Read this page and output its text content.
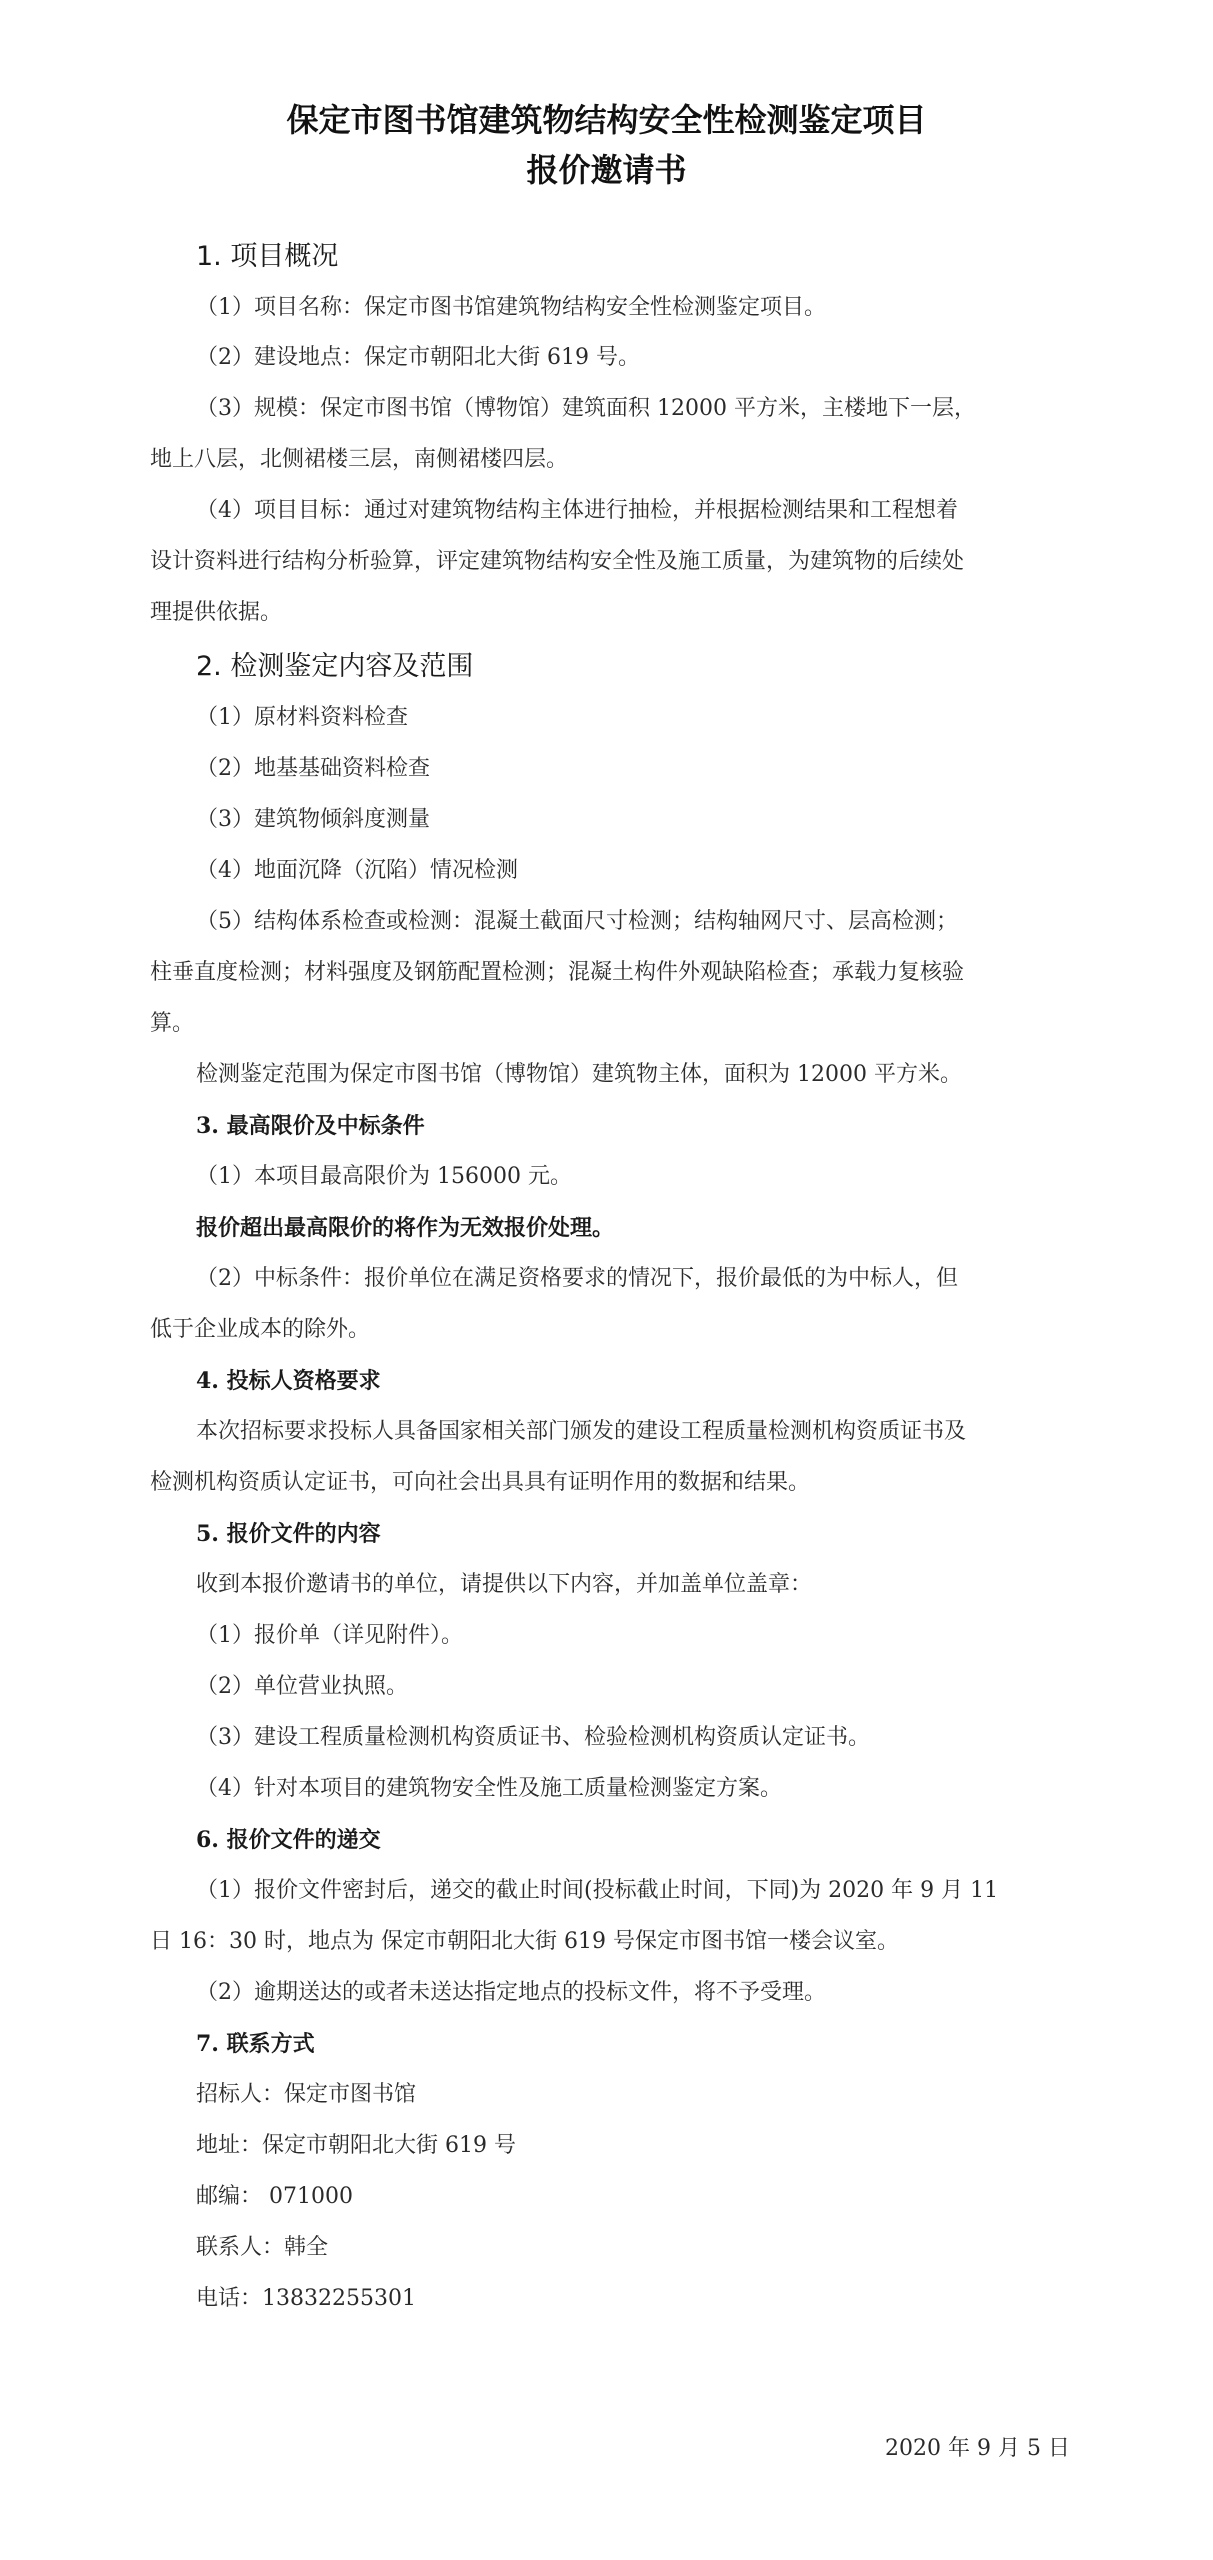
保定市图书馆建筑物结构安全性检测鉴定项目
报价邀请书
1. 项目概况
（1）项目名称：保定市图书馆建筑物结构安全性检测鉴定项目。
（2）建设地点：保定市朝阳北大街 619 号。
（3）规模：保定市图书馆（博物馆）建筑面积 12000 平方米，主楼地下一层，
地上八层，北侧裙楼三层，南侧裙楼四层。
（4）项目目标：通过对建筑物结构主体进行抽检，并根据检测结果和工程想着
设计资料进行结构分析验算，评定建筑物结构安全性及施工质量，为建筑物的后续处
理提供依据。
2. 检测鉴定内容及范围
（1）原材料资料检查
（2）地基基础资料检查
（3）建筑物倾斜度测量
（4）地面沉降（沉陷）情况检测
（5）结构体系检查或检测：混凝土截面尺寸检测；结构轴网尺寸、层高检测；
柱垂直度检测；材料强度及钢筋配置检测；混凝土构件外观缺陷检查；承载力复核验
算。
检测鉴定范围为保定市图书馆（博物馆）建筑物主体，面积为 12000 平方米。
3. 最高限价及中标条件
（1）本项目最高限价为 156000 元。
报价超出最高限价的将作为无效报价处理。
（2）中标条件：报价单位在满足资格要求的情况下，报价最低的为中标人，但
低于企业成本的除外。
4. 投标人资格要求
本次招标要求投标人具备国家相关部门颁发的建设工程质量检测机构资质证书及
检测机构资质认定证书，可向社会出具具有证明作用的数据和结果。
5. 报价文件的内容
收到本报价邀请书的单位，请提供以下内容，并加盖单位盖章：
（1）报价单（详见附件）。
（2）单位营业执照。
（3）建设工程质量检测机构资质证书、检验检测机构资质认定证书。
（4）针对本项目的建筑物安全性及施工质量检测鉴定方案。
6. 报价文件的递交
（1）报价文件密封后，递交的截止时间(投标截止时间，下同)为 2020 年 9 月 11
日 16：30 时，地点为 保定市朝阳北大街 619 号保定市图书馆一楼会议室。
（2）逾期送达的或者未送达指定地点的投标文件，将不予受理。
7. 联系方式
招标人：保定市图书馆
地址：保定市朝阳北大街 619 号
邮编： 071000
联系人：韩全
电话：13832255301
2020 年 9 月 5 日
